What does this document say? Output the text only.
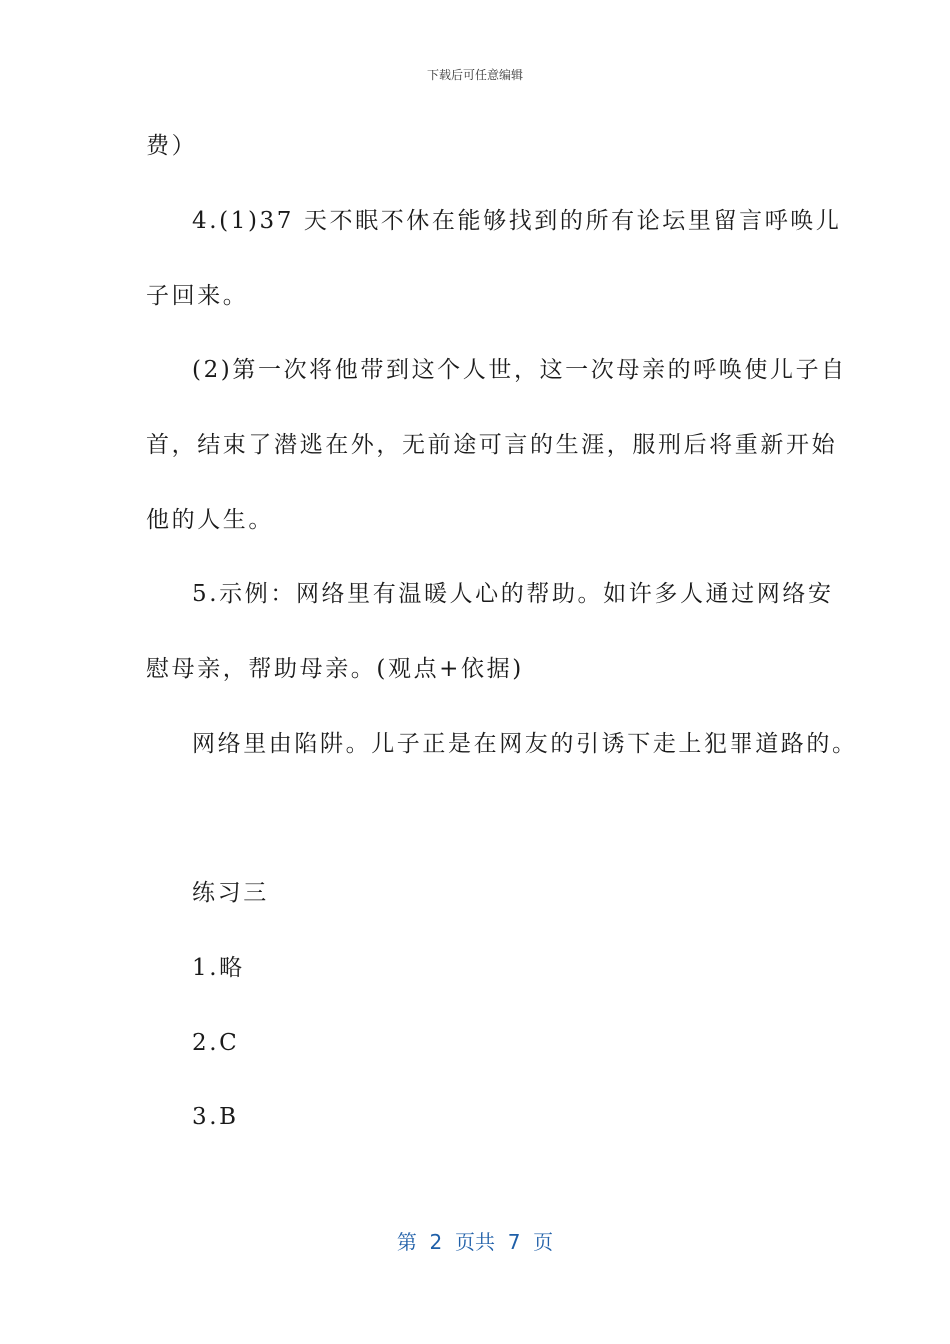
下载后可任意编辑
费）
4.(1)37 天不眠不休在能够找到的所有论坛里留言呼唤儿
子回来。
(2)第一次将他带到这个人世，这一次母亲的呼唤使儿子自
首，结束了潜逃在外，无前途可言的生涯，服刑后将重新开始
他的人生。
5.示例：网络里有温暖人心的帮助。如许多人通过网络安
慰母亲，帮助母亲。(观点+依据)
网络里由陷阱。儿子正是在网友的引诱下走上犯罪道路的。
练习三
1.略
2.C
3.B
第  2  页共  7  页
